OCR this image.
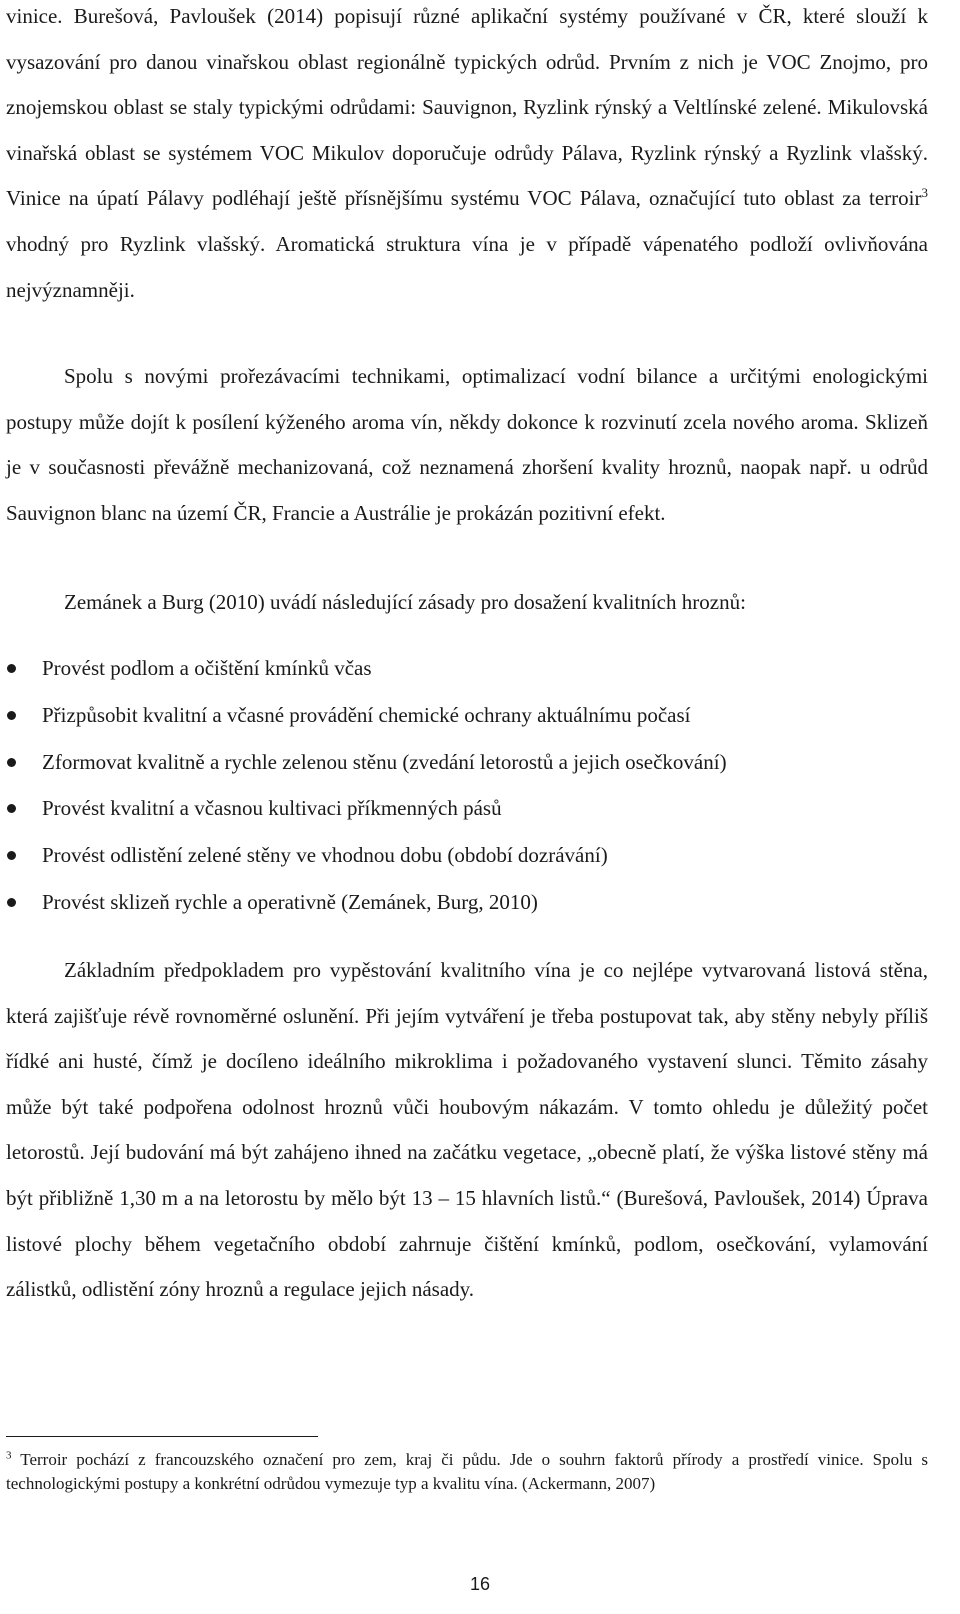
vinice. Burešová, Pavloušek (2014) popisují různé aplikační systémy používané v ČR, které slouží k vysazování pro danou vinařskou oblast regionálně typických odrůd. Prvním z nich je VOC Znojmo, pro znojemskou oblast se staly typickými odrůdami: Sauvignon, Ryzlink rýnský a Veltlínské zelené. Mikulovská vinařská oblast se systémem VOC Mikulov doporučuje odrůdy Pálava, Ryzlink rýnský a Ryzlink vlašský. Vinice na úpatí Pálavy podléhají ještě přísnějšímu systému VOC Pálava, označující tuto oblast za terroir$^3$ vhodný pro Ryzlink vlašský. Aromatická struktura vína je v případě vápenatého podloží ovlivňována nejvýznamněji.

Spolu s novými prořezávacími technikami, optimalizací vodní bilance a určitými enologickými postupy může dojít k posílení kýženého aroma vín, někdy dokonce k rozvinutí zcela nového aroma. Sklizeň je v současnosti převážně mechanizovaná, což neznamená zhoršení kvality hroznů, naopak např. u odrůd Sauvignon blanc na území ČR, Francie a Austrálie je prokázán pozitivní efekt.

Zemánek a Burg (2010) uvádí následující zásady pro dosažení kvalitních hroznů:

Provést podlom a očištění kmínků včas
Přizpůsobit kvalitní a včasné provádění chemické ochrany aktuálnímu počasí
Zformovat kvalitně a rychle zelenou stěnu (zvedání letorostů a jejich osečkování)
Provést kvalitní a včasnou kultivaci příkmenných pásů
Provést odlistění zelené stěny ve vhodnou dobu (období dozrávání)
Provést sklizeň rychle a operativně (Zemánek, Burg, 2010)

Základním předpokladem pro vypěstování kvalitního vína je co nejlépe vytvarovaná listová stěna, která zajišťuje révě rovnoměrné oslunění. Při jejím vytváření je třeba postupovat tak, aby stěny nebyly příliš řídké ani husté, čímž je docíleno ideálního mikroklima i požadovaného vystavení slunci. Těmito zásahy může být také podpořena odolnost hroznů vůči houbovým nákazám. V tomto ohledu je důležitý počet letorostů. Její budování má být zahájeno ihned na začátku vegetace, „obecně platí, že výška listové stěny má být přibližně 1,30 m a na letorostu by mělo být 13 – 15 hlavních listů.“ (Burešová, Pavloušek, 2014) Úprava listové plochy během vegetačního období zahrnuje čištění kmínků, podlom, osečkování, vylamování zálistků, odlistění zóny hroznů a regulace jejich násady.

$^3$ Terroir pochází z francouzského označení pro zem, kraj či půdu. Jde o souhrn faktorů přírody a prostředí vinice. Spolu s technologickými postupy a konkrétní odrůdou vymezuje typ a kvalitu vína. (Ackermann, 2007)

16
